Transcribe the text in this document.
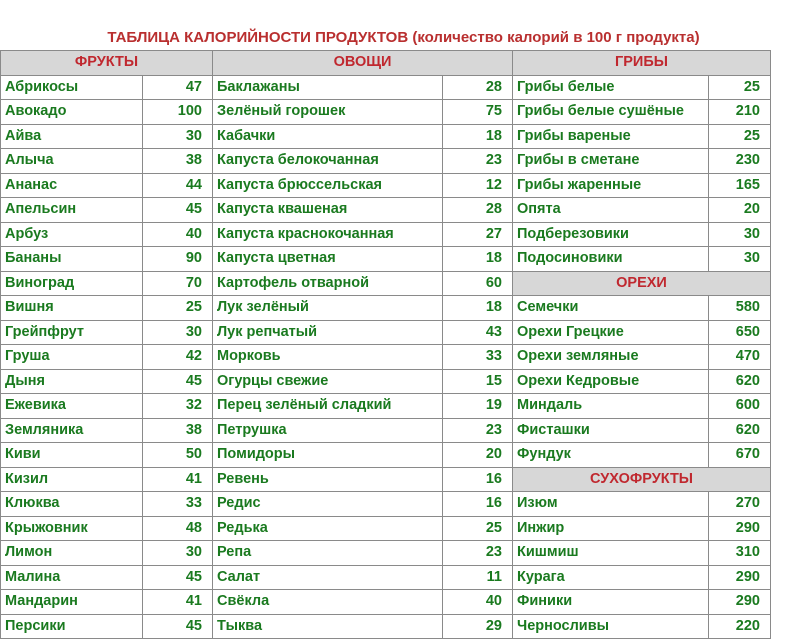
ТАБЛИЦА КАЛОРИЙНОСТИ ПРОДУКТОВ (количество калорий в 100 г продукта)
ФРУКТЫ		ОВОЩИ		ГРИБЫ	
Абрикосы	47	Баклажаны	28	Грибы белые	25
Авокадо	100	Зелёный горошек	75	Грибы белые сушёные	210
Айва	30	Кабачки	18	Грибы вареные	25
Алыча	38	Капуста белокочанная	23	Грибы в сметане	230
Ананас	44	Капуста брюссельская	12	Грибы жаренные	165
Апельсин	45	Капуста квашеная	28	Опята	20
Арбуз	40	Капуста краснокочанная	27	Подберезовики	30
Бананы	90	Капуста цветная	18	Подосиновики	30
Виноград	70	Картофель отварной	60	ОРЕХИ	
Вишня	25	Лук зелёный	18	Семечки	580
Грейпфрут	30	Лук репчатый	43	Орехи Грецкие	650
Груша	42	Морковь	33	Орехи земляные	470
Дыня	45	Огурцы свежие	15	Орехи Кедровые	620
Ежевика	32	Перец зелёный сладкий	19	Миндаль	600
Земляника	38	Петрушка	23	Фисташки	620
Киви	50	Помидоры	20	Фундук	670
Кизил	41	Ревень	16	СУХОФРУКТЫ	
Клюква	33	Редис	16	Изюм	270
Крыжовник	48	Редька	25	Инжир	290
Лимон	30	Репа	23	Кишмиш	310
Малина	45	Салат	11	Курага	290
Мандарин	41	Свёкла	40	Финики	290
Персики	45	Тыква	29	Черносливы	220
